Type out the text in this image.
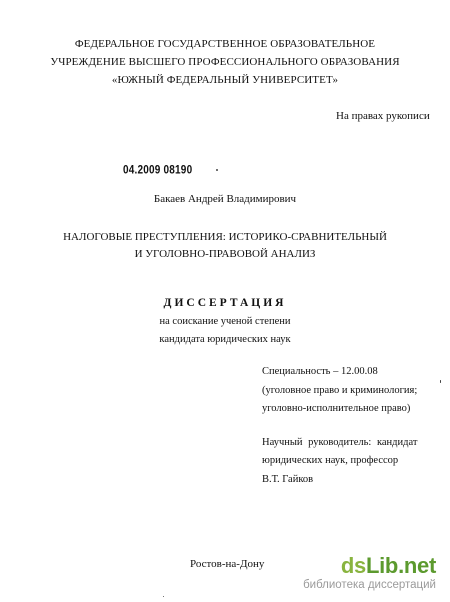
ФЕДЕРАЛЬНОЕ ГОСУДАРСТВЕННОЕ ОБРАЗОВАТЕЛЬНОЕ
УЧРЕЖДЕНИЕ ВЫСШЕГО ПРОФЕССИОНАЛЬНОГО ОБРАЗОВАНИЯ
«ЮЖНЫЙ ФЕДЕРАЛЬНЫЙ УНИВЕРСИТЕТ»
На правах рукописи
04.2009 08190
Бакаев Андрей Владимирович
НАЛОГОВЫЕ ПРЕСТУПЛЕНИЯ: ИСТОРИКО-СРАВНИТЕЛЬНЫЙ
И УГОЛОВНО-ПРАВОВОЙ АНАЛИЗ
ДИССЕРТАЦИЯ
на соискание ученой степени
кандидата юридических наук
Специальность – 12.00.08
(уголовное право и криминология;
уголовно-исполнительное право)
Научный руководитель: кандидат
юридических наук, профессор
В.Т. Гайков
Ростов-на-Дону	dsLib.net
библиотека диссертаций
